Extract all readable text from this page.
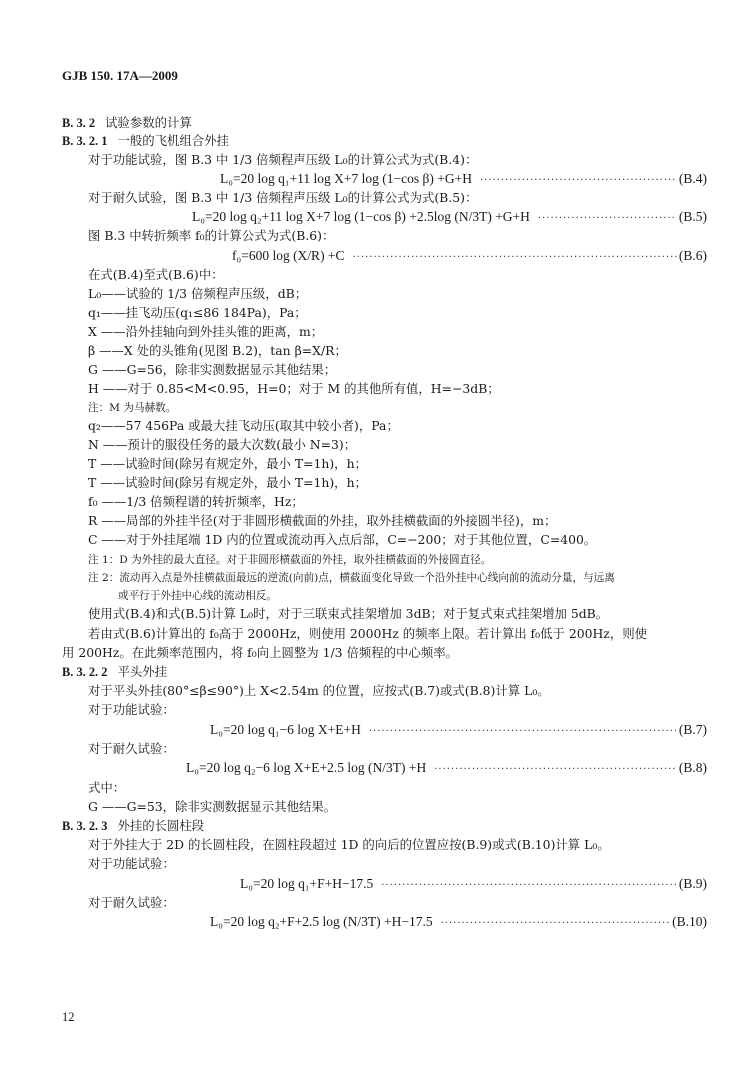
GJB 150. 17A—2009
B. 3. 2 试验参数的计算
B. 3. 2. 1 一般的飞机组合外挂
对于功能试验，图 B.3 中 1/3 倍频程声压级 L₀的计算公式为式(B.4)：
L₀=20 log q₁+11 log X+7 log (1−cos β) +G+H ·····	(B.4)
对于耐久试验，图 B.3 中 1/3 倍频程声压级 L₀的计算公式为式(B.5)：
L₀=20 log q₂+11 log X+7 log (1−cos β) +2.5log (N/3T) +G+H ·····	(B.5)
图 B.3 中转折频率 f₀的计算公式为式(B.6)：
f₀=600 log (X/R) +C ·····	(B.6)
在式(B.4)至式(B.6)中：
L₀——试验的 1/3 倍频程声压级，dB；
q₁——挂飞动压(q₁≤86 184Pa)，Pa；
X ——沿外挂轴向到外挂头锥的距离，m；
β ——X 处的头锥角(见图 B.2)，tan β=X/R；
G ——G=56，除非实测数据显示其他结果；
H ——对于 0.85<M<0.95，H=0；对于 M 的其他所有值，H=−3dB；
注：M 为马赫数。
q₂——57 456Pa 或最大挂飞动压(取其中较小者)，Pa；
N ——预计的服役任务的最大次数(最小 N=3)；
T ——试验时间(除另有规定外，最小 T=1h)，h；
T ——试验时间(除另有规定外，最小 T=1h)，h；
f₀ ——1/3 倍频程谱的转折频率，Hz；
R ——局部的外挂半径(对于非圆形横截面的外挂，取外挂横截面的外接圆半径)，m；
C ——对于外挂尾端 1D 内的位置或流动再入点后部，C=−200；对于其他位置，C=400。
注 1：D 为外挂的最大直径。对于非圆形横截面的外挂，取外挂横截面的外接圆直径。
注 2：流动再入点是外挂横截面最远的逆流(向前)点，横截面变化导致一个沿外挂中心线向前的流动分量，与远离
或平行于外挂中心线的流动相反。
使用式(B.4)和式(B.5)计算 L₀时，对于三联束式挂架增加 3dB；对于复式束式挂架增加 5dB。
若由式(B.6)计算出的 f₀高于 2000Hz，则使用 2000Hz 的频率上限。若计算出 f₀低于 200Hz，则使
用 200Hz。在此频率范围内，将 f₀向上圆整为 1/3 倍频程的中心频率。
B. 3. 2. 2 平头外挂
对于平头外挂(80°≤β≤90°)上 X<2.54m 的位置，应按式(B.7)或式(B.8)计算 L₀。
对于功能试验：
L₀=20 log q₁−6 log X+E+H ·····	(B.7)
对于耐久试验：
L₀=20 log q₂−6 log X+E+2.5 log (N/3T) +H ·····	(B.8)
式中：
G ——G=53，除非实测数据显示其他结果。
B. 3. 2. 3 外挂的长圆柱段
对于外挂大于 2D 的长圆柱段，在圆柱段超过 1D 的向后的位置应按(B.9)或式(B.10)计算 L₀。
对于功能试验：
L₀=20 log q₁+F+H−17.5 ·····	(B.9)
对于耐久试验：
L₀=20 log q₂+F+2.5 log (N/3T) +H−17.5 ·····	(B.10)
12
